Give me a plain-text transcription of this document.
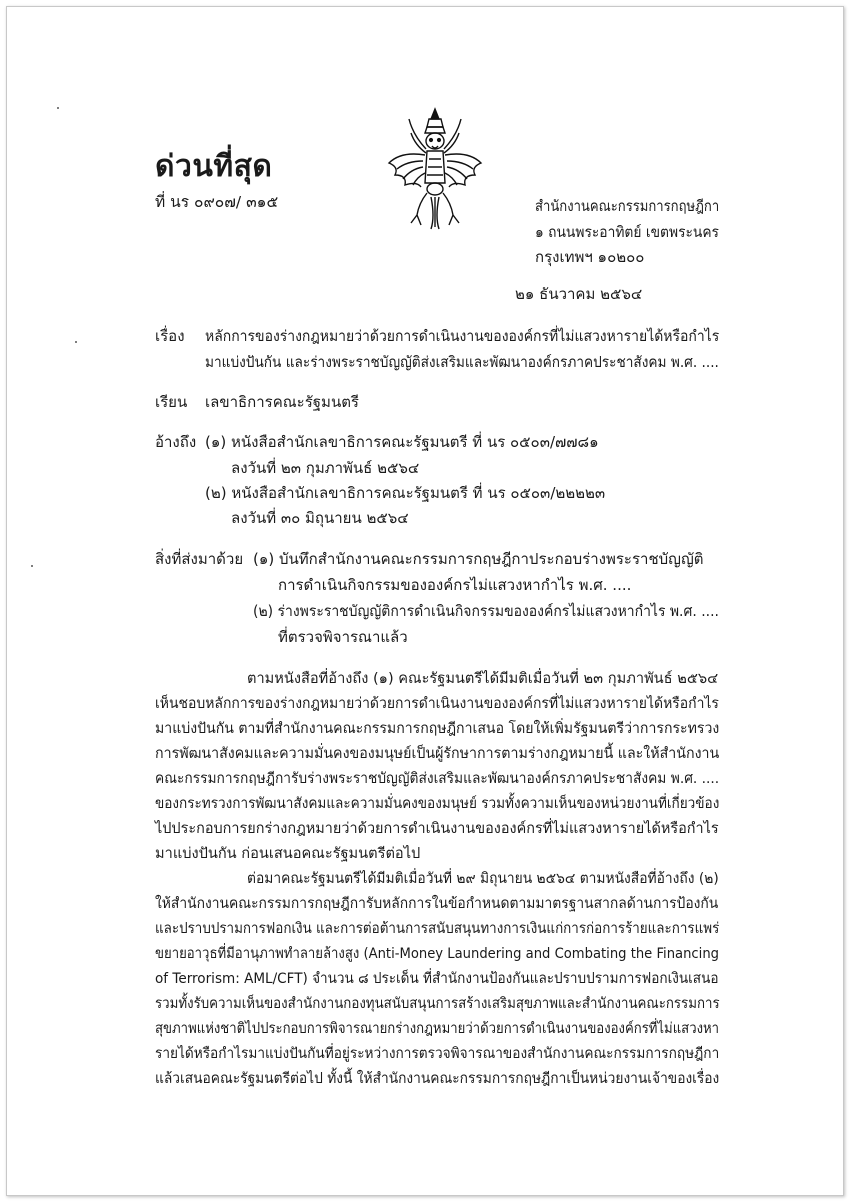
ด่วนที่สุด
ที่ นร ๐๙๐๗/ ๓๑๕	สำนักงานคณะกรรมการกฤษฎีกา
๑ ถนนพระอาทิตย์ เขตพระนคร
กรุงเทพฯ ๑๐๒๐๐
๒๑ ธันวาคม ๒๕๖๔
เรื่อง หลักการของร่างกฎหมายว่าด้วยการดำเนินงานขององค์กรที่ไม่แสวงหารายได้หรือกำไร
มาแบ่งปันกัน และร่างพระราชบัญญัติส่งเสริมและพัฒนาองค์กรภาคประชาสังคม พ.ศ. ....
เรียน เลขาธิการคณะรัฐมนตรี
อ้างถึง (๑) หนังสือสำนักเลขาธิการคณะรัฐมนตรี ที่ นร ๐๕๐๓/๗๗๘๑
ลงวันที่ ๒๓ กุมภาพันธ์ ๒๕๖๔
(๒) หนังสือสำนักเลขาธิการคณะรัฐมนตรี ที่ นร ๐๕๐๓/๒๒๒๒๓
ลงวันที่ ๓๐ มิถุนายน ๒๕๖๔
สิ่งที่ส่งมาด้วย (๑) บันทึกสำนักงานคณะกรรมการกฤษฎีกาประกอบร่างพระราชบัญญัติ
การดำเนินกิจกรรมขององค์กรไม่แสวงหากำไร พ.ศ. ....
(๒) ร่างพระราชบัญญัติการดำเนินกิจกรรมขององค์กรไม่แสวงหากำไร พ.ศ. ....
ที่ตรวจพิจารณาแล้ว
ตามหนังสือที่อ้างถึง (๑) คณะรัฐมนตรีได้มีมติเมื่อวันที่ ๒๓ กุมภาพันธ์ ๒๕๖๔
เห็นชอบหลักการของร่างกฎหมายว่าด้วยการดำเนินงานขององค์กรที่ไม่แสวงหารายได้หรือกำไร
มาแบ่งปันกัน ตามที่สำนักงานคณะกรรมการกฤษฎีกาเสนอ โดยให้เพิ่มรัฐมนตรีว่าการกระทรวง
การพัฒนาสังคมและความมั่นคงของมนุษย์เป็นผู้รักษาการตามร่างกฎหมายนี้ และให้สำนักงาน
คณะกรรมการกฤษฎีการับร่างพระราชบัญญัติส่งเสริมและพัฒนาองค์กรภาคประชาสังคม พ.ศ. ....
ของกระทรวงการพัฒนาสังคมและความมั่นคงของมนุษย์ รวมทั้งความเห็นของหน่วยงานที่เกี่ยวข้อง
ไปประกอบการยกร่างกฎหมายว่าด้วยการดำเนินงานขององค์กรที่ไม่แสวงหารายได้หรือกำไร
มาแบ่งปันกัน ก่อนเสนอคณะรัฐมนตรีต่อไป
ต่อมาคณะรัฐมนตรีได้มีมติเมื่อวันที่ ๒๙ มิถุนายน ๒๕๖๔ ตามหนังสือที่อ้างถึง (๒)
ให้สำนักงานคณะกรรมการกฤษฎีการับหลักการในข้อกำหนดตามมาตรฐานสากลด้านการป้องกัน
และปราบปรามการฟอกเงิน และการต่อต้านการสนับสนุนทางการเงินแก่การก่อการร้ายและการแพร่
ขยายอาวุธที่มีอานุภาพทำลายล้างสูง (Anti-Money Laundering and Combating the Financing
of Terrorism: AML/CFT) จำนวน ๘ ประเด็น ที่สำนักงานป้องกันและปราบปรามการฟอกเงินเสนอ
รวมทั้งรับความเห็นของสำนักงานกองทุนสนับสนุนการสร้างเสริมสุขภาพและสำนักงานคณะกรรมการ
สุขภาพแห่งชาติไปประกอบการพิจารณายกร่างกฎหมายว่าด้วยการดำเนินงานขององค์กรที่ไม่แสวงหา
รายได้หรือกำไรมาแบ่งปันกันที่อยู่ระหว่างการตรวจพิจารณาของสำนักงานคณะกรรมการกฤษฎีกา
แล้วเสนอคณะรัฐมนตรีต่อไป ทั้งนี้ ให้สำนักงานคณะกรรมการกฤษฎีกาเป็นหน่วยงานเจ้าของเรื่อง
